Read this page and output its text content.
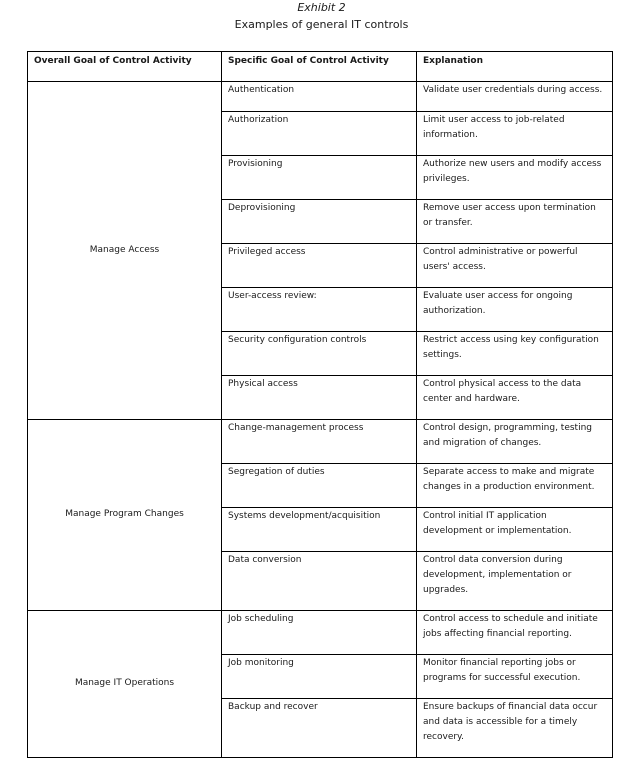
Exhibit 2
Examples of general IT controls
Overall Goal of Control Activity	Specific Goal of Control Activity	Explanation
Manage Access	Authentication	Validate user credentials during access.
	Authorization	Limit user access to job-related information.
	Provisioning	Authorize new users and modify access privileges.
	Deprovisioning	Remove user access upon termination or transfer.
	Privileged access	Control administrative or powerful users' access.
	User-access review:	Evaluate user access for ongoing authorization.
	Security configuration controls	Restrict access using key configuration settings.
	Physical access	Control physical access to the data center and hardware.
Manage Program Changes	Change-management process	Control design, programming, testing and migration of changes.
	Segregation of duties	Separate access to make and migrate changes in a production environment.
	Systems development/acquisition	Control initial IT application development or implementation.
	Data conversion	Control data conversion during development, implementation or upgrades.
Manage IT Operations	Job scheduling	Control access to schedule and initiate jobs affecting financial reporting.
	Job monitoring	Monitor financial reporting jobs or programs for successful execution.
	Backup and recover	Ensure backups of financial data occur and data is accessible for a timely recovery.
